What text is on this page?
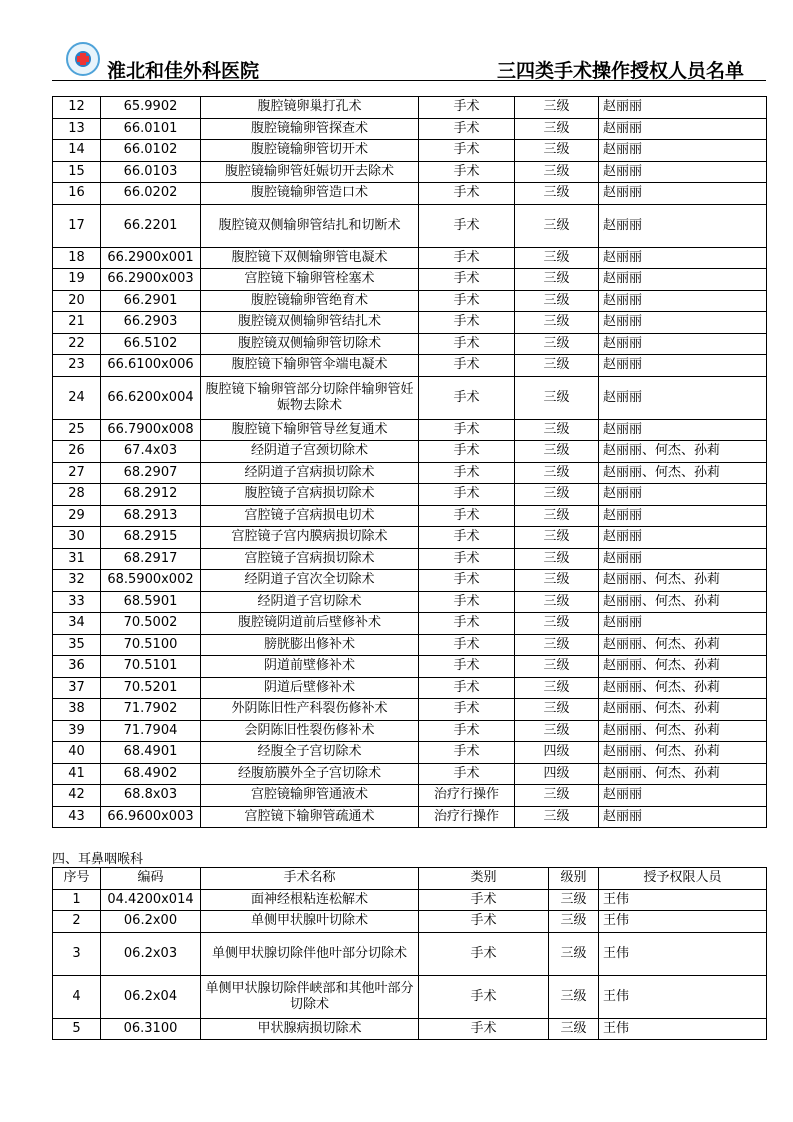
淮北和佳外科医院	三四类手术操作授权人员名单
12	65.9902	腹腔镜卵巢打孔术	手术	三级	赵丽丽
13	66.0101	腹腔镜输卵管探查术	手术	三级	赵丽丽
14	66.0102	腹腔镜输卵管切开术	手术	三级	赵丽丽
15	66.0103	腹腔镜输卵管妊娠切开去除术	手术	三级	赵丽丽
16	66.0202	腹腔镜输卵管造口术	手术	三级	赵丽丽
17	66.2201	腹腔镜双侧输卵管结扎和切断术	手术	三级	赵丽丽
18	66.2900x001	腹腔镜下双侧输卵管电凝术	手术	三级	赵丽丽
19	66.2900x003	宫腔镜下输卵管栓塞术	手术	三级	赵丽丽
20	66.2901	腹腔镜输卵管绝育术	手术	三级	赵丽丽
21	66.2903	腹腔镜双侧输卵管结扎术	手术	三级	赵丽丽
22	66.5102	腹腔镜双侧输卵管切除术	手术	三级	赵丽丽
23	66.6100x006	腹腔镜下输卵管伞端电凝术	手术	三级	赵丽丽
24	66.6200x004	腹腔镜下输卵管部分切除伴输卵管妊娠物去除术	手术	三级	赵丽丽
25	66.7900x008	腹腔镜下输卵管导丝复通术	手术	三级	赵丽丽
26	67.4x03	经阴道子宫颈切除术	手术	三级	赵丽丽、何杰、孙莉
27	68.2907	经阴道子宫病损切除术	手术	三级	赵丽丽、何杰、孙莉
28	68.2912	腹腔镜子宫病损切除术	手术	三级	赵丽丽
29	68.2913	宫腔镜子宫病损电切术	手术	三级	赵丽丽
30	68.2915	宫腔镜子宫内膜病损切除术	手术	三级	赵丽丽
31	68.2917	宫腔镜子宫病损切除术	手术	三级	赵丽丽
32	68.5900x002	经阴道子宫次全切除术	手术	三级	赵丽丽、何杰、孙莉
33	68.5901	经阴道子宫切除术	手术	三级	赵丽丽、何杰、孙莉
34	70.5002	腹腔镜阴道前后壁修补术	手术	三级	赵丽丽
35	70.5100	膀胱膨出修补术	手术	三级	赵丽丽、何杰、孙莉
36	70.5101	阴道前壁修补术	手术	三级	赵丽丽、何杰、孙莉
37	70.5201	阴道后壁修补术	手术	三级	赵丽丽、何杰、孙莉
38	71.7902	外阴陈旧性产科裂伤修补术	手术	三级	赵丽丽、何杰、孙莉
39	71.7904	会阴陈旧性裂伤修补术	手术	三级	赵丽丽、何杰、孙莉
40	68.4901	经腹全子宫切除术	手术	四级	赵丽丽、何杰、孙莉
41	68.4902	经腹筋膜外全子宫切除术	手术	四级	赵丽丽、何杰、孙莉
42	68.8x03	宫腔镜输卵管通液术	治疗行操作	三级	赵丽丽
43	66.9600x003	宫腔镜下输卵管疏通术	治疗行操作	三级	赵丽丽
四、耳鼻咽喉科
序号	编码	手术名称	类别	级别	授予权限人员
1	04.4200x014	面神经根粘连松解术	手术	三级	王伟
2	06.2x00	单侧甲状腺叶切除术	手术	三级	王伟
3	06.2x03	单侧甲状腺切除伴他叶部分切除术	手术	三级	王伟
4	06.2x04	单侧甲状腺切除伴峡部和其他叶部分切除术	手术	三级	王伟
5	06.3100	甲状腺病损切除术	手术	三级	王伟
